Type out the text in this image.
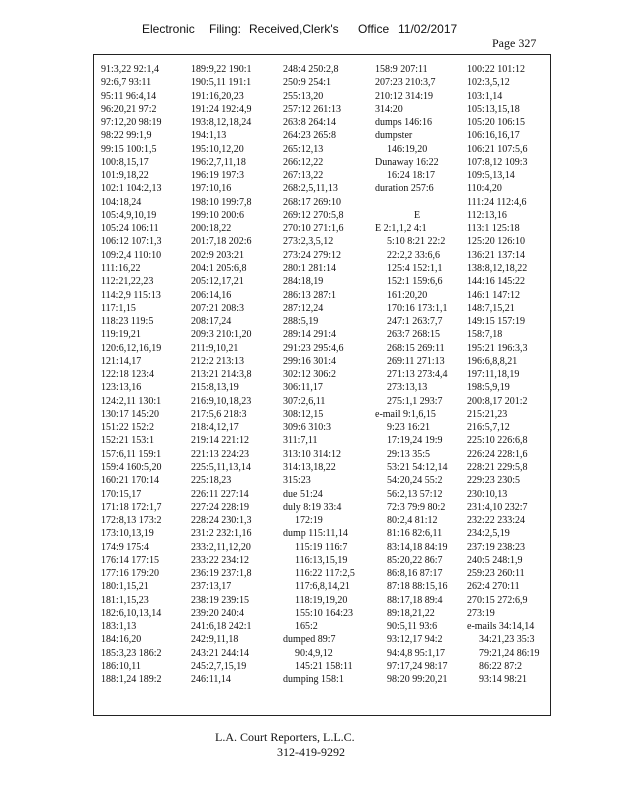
Electronic Filing: Received,Clerk's Office 11/02/2017
Page 327
91:3,22 92:1,4
92:6,7 93:11
95:11 96:4,14
96:20,21 97:2
97:12,20 98:19
98:22 99:1,9
99:15 100:1,5
100:8,15,17
101:9,18,22
102:1 104:2,13
104:18,24
105:4,9,10,19
105:24 106:11
106:12 107:1,3
109:2,4 110:10
111:16,22
112:21,22,23
114:2,9 115:13
117:1,15
118:23 119:5
119:19,21
120:6,12,16,19
121:14,17
122:18 123:4
123:13,16
124:2,11 130:1
130:17 145:20
151:22 152:2
152:21 153:1
157:6,11 159:1
159:4 160:5,20
160:21 170:14
170:15,17
171:18 172:1,7
172:8,13 173:2
173:10,13,19
174:9 175:4
176:14 177:15
177:16 179:20
180:1,15,21
181:1,15,23
182:6,10,13,14
183:1,13
184:16,20
185:3,23 186:2
186:10,11
188:1,24 189:2
189:9,22 190:1
190:5,11 191:1
191:16,20,23
191:24 192:4,9
193:8,12,18,24
194:1,13
195:10,12,20
196:2,7,11,18
196:19 197:3
197:10,16
198:10 199:7,8
199:10 200:6
200:18,22
201:7,18 202:6
202:9 203:21
204:1 205:6,8
205:12,17,21
206:14,16
207:21 208:3
208:17,24
209:3 210:1,20
211:9,10,21
212:2 213:13
213:21 214:3,8
215:8,13,19
216:9,10,18,23
217:5,6 218:3
218:4,12,17
219:14 221:12
221:13 224:23
225:5,11,13,14
225:18,23
226:11 227:14
227:24 228:19
228:24 230:1,3
231:2 232:1,16
233:2,11,12,20
233:22 234:12
236:19 237:1,8
237:13,17
238:19 239:15
239:20 240:4
241:6,18 242:1
242:9,11,18
243:21 244:14
245:2,7,15,19
246:11,14
248:4 250:2,8
250:9 254:1
255:13,20
257:12 261:13
263:8 264:14
264:23 265:8
265:12,13
266:12,22
267:13,22
268:2,5,11,13
268:17 269:10
269:12 270:5,8
270:10 271:1,6
273:2,3,5,12
273:24 279:12
280:1 281:14
284:18,19
286:13 287:1
287:12,24
288:5,19
289:14 291:4
291:23 295:4,6
299:16 301:4
302:12 306:2
306:11,17
307:2,6,11
308:12,15
309:6 310:3
311:7,11
313:10 314:12
314:13,18,22
315:23
due 51:24
duly 8:19 33:4
172:19
dump 115:11,14
115:19 116:7
116:13,15,19
116:22 117:2,5
117:6,8,14,21
118:19,19,20
155:10 164:23
165:2
dumped 89:7
90:4,9,12
145:21 158:11
dumping 158:1
158:9 207:11
207:23 210:3,7
210:12 314:19
314:20
dumps 146:16
dumpster
146:19,20
Dunaway 16:22
16:24 18:17
duration 257:6
E
E 2:1,1,2 4:1
5:10 8:21 22:2
22:2,2 33:6,6
125:4 152:1,1
152:1 159:6,6
161:20,20
170:16 173:1,1
247:1 263:7,7
263:7 268:15
268:15 269:11
269:11 271:13
271:13 273:4,4
273:13,13
275:1,1 293:7
e-mail 9:1,6,15
9:23 16:21
17:19,24 19:9
29:13 35:5
53:21 54:12,14
54:20,24 55:2
56:2,13 57:12
72:3 79:9 80:2
80:2,4 81:12
81:16 82:6,11
83:14,18 84:19
85:20,22 86:7
86:8,16 87:17
87:18 88:15,16
88:17,18 89:4
89:18,21,22
90:5,11 93:6
93:12,17 94:2
94:4,8 95:1,17
97:17,24 98:17
98:20 99:20,21
100:22 101:12
102:3,5,12
103:1,14
105:13,15,18
105:20 106:15
106:16,16,17
106:21 107:5,6
107:8,12 109:3
109:5,13,14
110:4,20
111:24 112:4,6
112:13,16
113:1 125:18
125:20 126:10
136:21 137:14
138:8,12,18,22
144:16 145:22
146:1 147:12
148:7,15,21
149:15 157:19
158:7,18
195:21 196:3,3
196:6,8,8,21
197:11,18,19
198:5,9,19
200:8,17 201:2
215:21,23
216:5,7,12
225:10 226:6,8
226:24 228:1,6
228:21 229:5,8
229:23 230:5
230:10,13
231:4,10 232:7
232:22 233:24
234:2,5,19
237:19 238:23
240:5 248:1,9
259:23 260:11
262:4 270:11
270:15 272:6,9
273:19
e-mails 34:14,14
34:21,23 35:3
79:21,24 86:19
86:22 87:2
93:14 98:21
L.A. Court Reporters, L.L.C.
312-419-9292
